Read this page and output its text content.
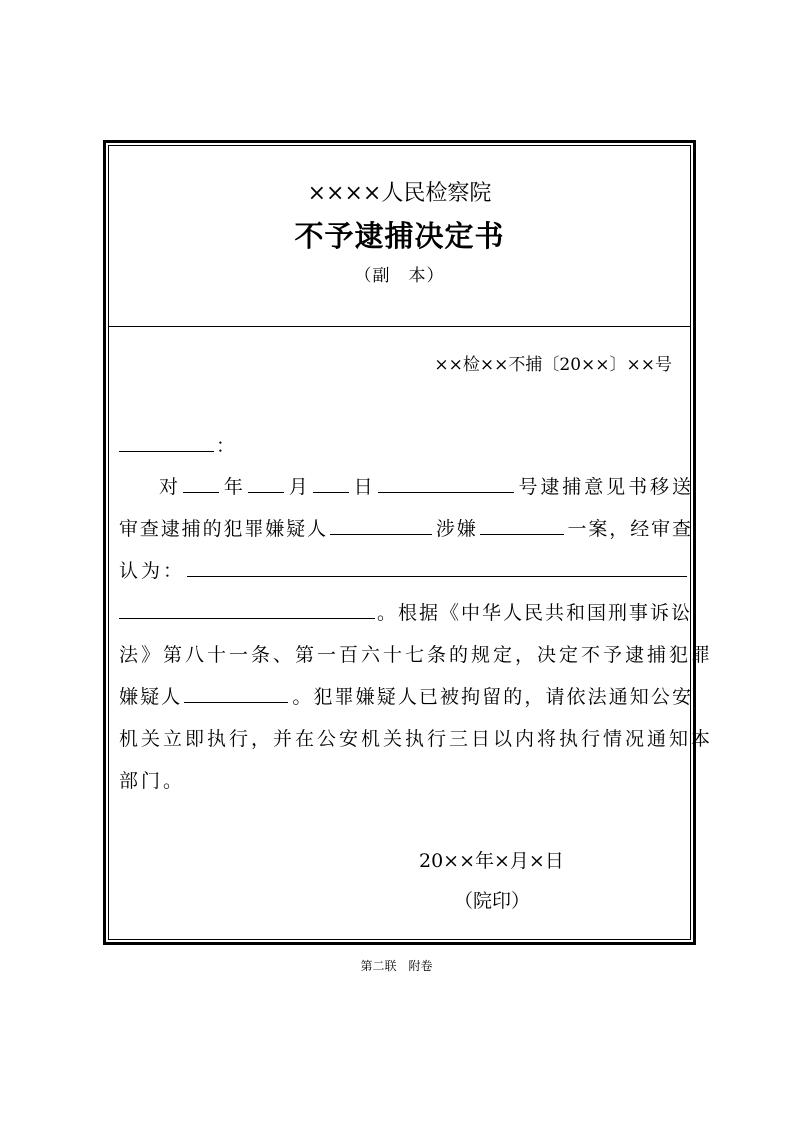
××××人民检察院
不予逮捕决定书
（副　本）
××检××不捕〔20××〕××号
：
对 年 月 日	号逮捕意见书移送
审查逮捕的犯罪嫌疑人	涉嫌	一案，经审查
认为：
。根据《中华人民共和国刑事诉讼
法》第八十一条、第一百六十七条的规定，决定不予逮捕犯罪
嫌疑人	。犯罪嫌疑人已被拘留的，请依法通知公安
机关立即执行，并在公安机关执行三日以内将执行情况通知本
部门。
20××年×月×日
（院印）
第二联　附卷
